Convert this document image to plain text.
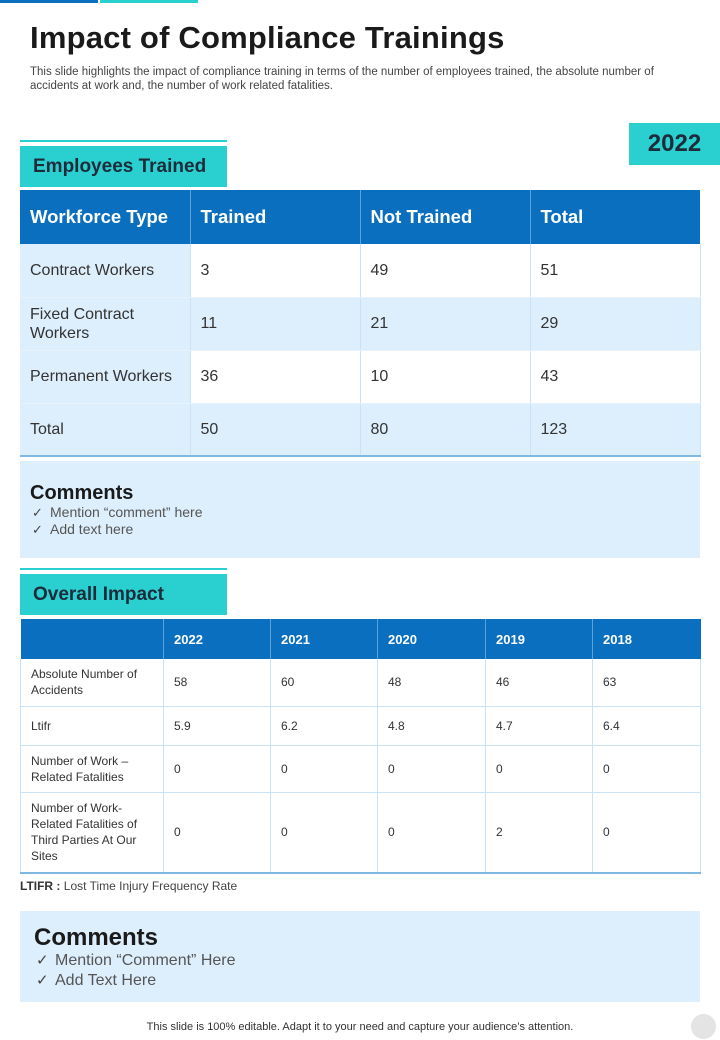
Impact of Compliance Trainings

This slide highlights the impact of compliance training in terms of the number of employees trained, the absolute number of accidents at work and, the number of work related fatalities.

Employees Trained
2022
Workforce Type	Trained	Not Trained	Total
Contract Workers	3	49	51
Fixed Contract Workers	11	21	29
Permanent Workers	36	10	43
Total	50	80	123
Comments
✓ Mention “comment” here
✓ Add text here
Overall Impact
	2022	2021	2020	2019	2018
Absolute Number of Accidents	58	60	48	46	63
Ltifr	5.9	6.2	4.8	4.7	6.4
Number of Work – Related Fatalities	0	0	0	0	0
Number of Work-Related Fatalities of Third Parties At Our Sites	0	0	0	2	0
LTIFR : Lost Time Injury Frequency Rate
Comments
✓ Mention “Comment” Here
✓ Add Text Here
This slide is 100% editable. Adapt it to your need and capture your audience’s attention.
